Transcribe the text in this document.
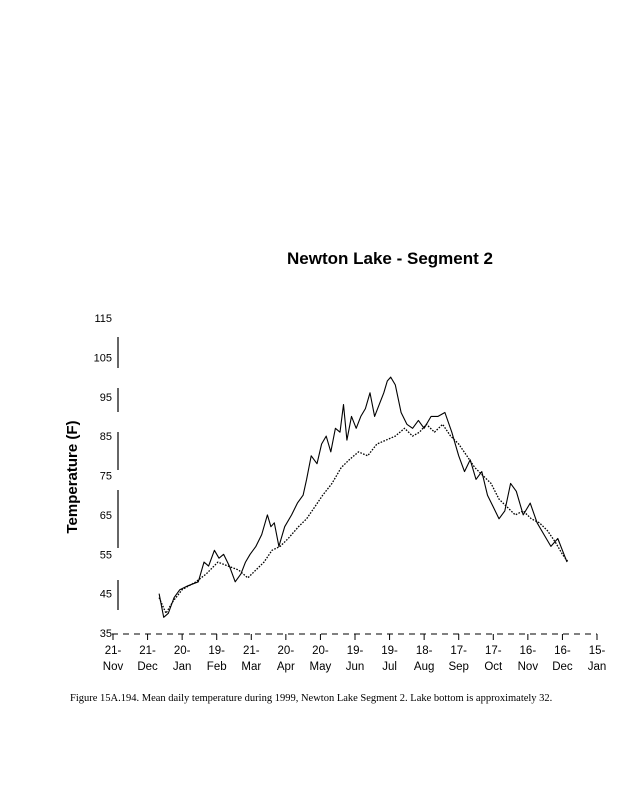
Newton Lake - Segment 2
Temperature (F)
35
45
55
65
75
85
95
105
115
21-
Nov
21-
Dec
20-
Jan
19-
Feb
21-
Mar
20-
Apr
20-
May
19-
Jun
19-
Jul
18-
Aug
17-
Sep
17-
Oct
16-
Nov
16-
Dec
15-
Jan
Figure 15A.194. Mean daily temperature during 1999, Newton Lake Segment 2. Lake bottom is approximately 32.
